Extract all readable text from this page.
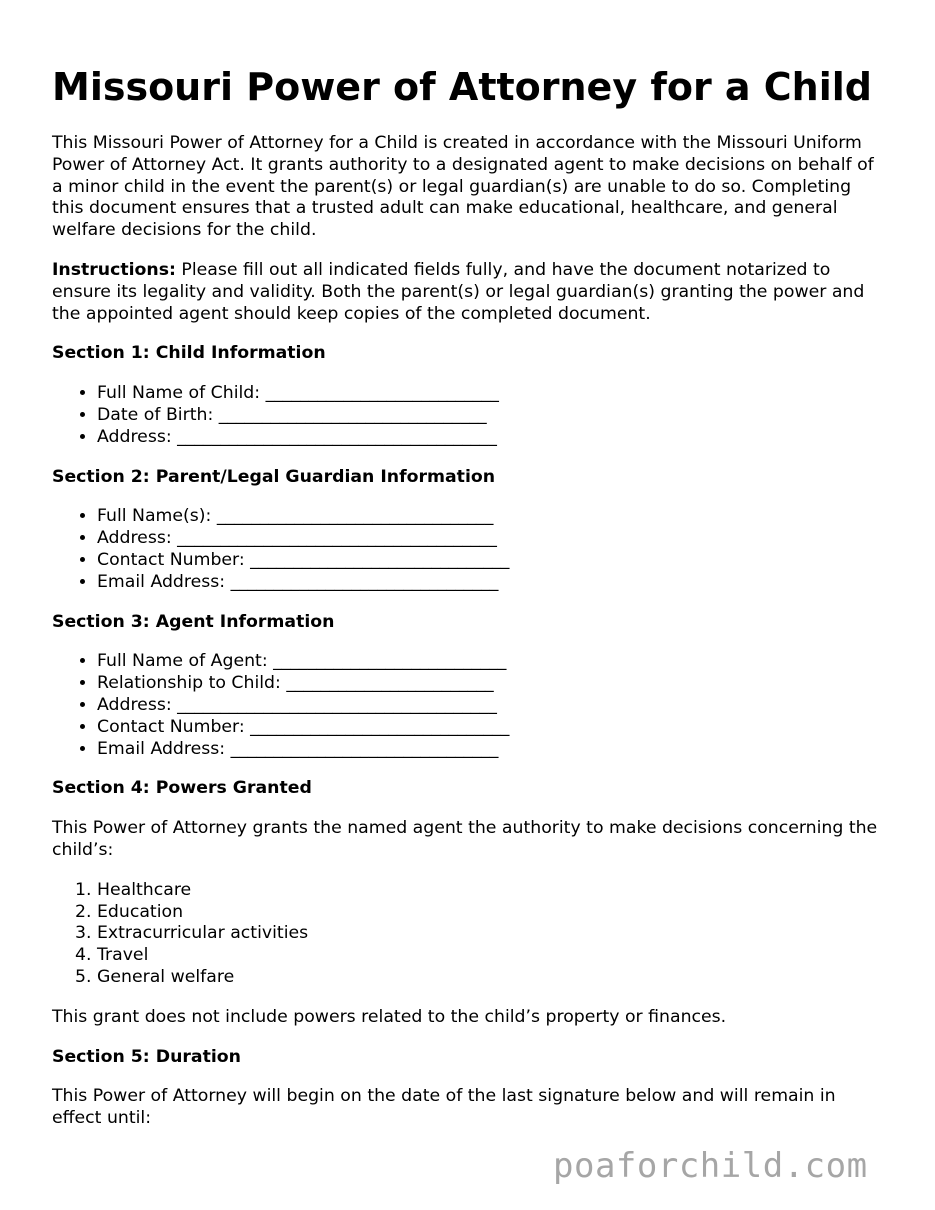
Missouri Power of Attorney for a Child

This Missouri Power of Attorney for a Child is created in accordance with the Missouri Uniform Power of Attorney Act. It grants authority to a designated agent to make decisions on behalf of a minor child in the event the parent(s) or legal guardian(s) are unable to do so. Completing this document ensures that a trusted adult can make educational, healthcare, and general welfare decisions for the child.

Instructions: Please fill out all indicated fields fully, and have the document notarized to ensure its legality and validity. Both the parent(s) or legal guardian(s) granting the power and the appointed agent should keep copies of the completed document.

Section 1: Child Information
• Full Name of Child: ___________________________
• Date of Birth: _______________________________
• Address: _____________________________________
Section 2: Parent/Legal Guardian Information
• Full Name(s): ________________________________
• Address: _____________________________________
• Contact Number: ______________________________
• Email Address: _______________________________
Section 3: Agent Information
• Full Name of Agent: ___________________________
• Relationship to Child: ________________________
• Address: _____________________________________
• Contact Number: ______________________________
• Email Address: _______________________________
Section 4: Powers Granted

This Power of Attorney grants the named agent the authority to make decisions concerning the child’s:

1. Healthcare
2. Education
3. Extracurricular activities
4. Travel
5. General welfare

This grant does not include powers related to the child’s property or finances.

Section 5: Duration

This Power of Attorney will begin on the date of the last signature below and will remain in effect until:

poaforchild.com
